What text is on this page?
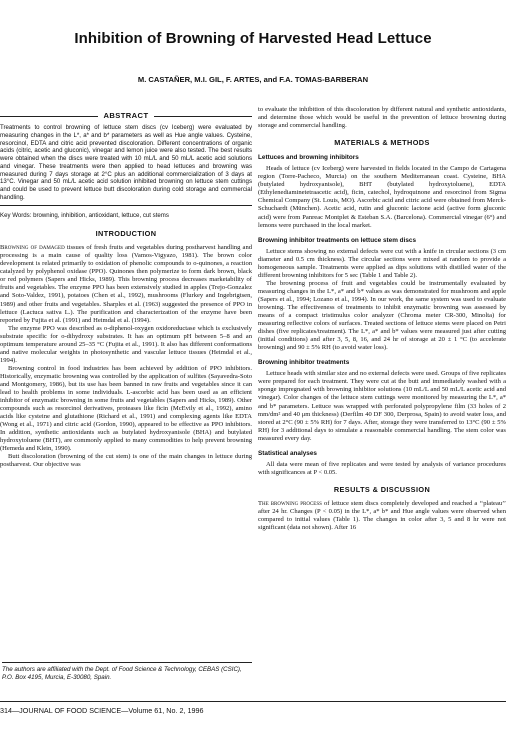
Inhibition of Browning of Harvested Head Lettuce
M. CASTAÑER, M.I. GIL, F. ARTES, and F.A. TOMAS-BARBERAN
ABSTRACT

Treatments to control browning of lettuce stem discs (cv Iceberg) were evaluated by measuring changes in the L*, a* and b* parameters as well as Hue angle values. Cysteine, resorcinol, EDTA and citric acid prevented discoloration. Different concentrations of organic acids (citric, acetic and gluconic), vinegar and lemon juice were also tested. The best results were obtained when the discs were treated with 10 mL/L and 50 mL/L acetic acid solutions and vinegar. These treatments were then applied to head lettuces and browning was measured during 7 days storage at 2°C plus an additional commercialization of 3 days at 13°C. Vinegar and 50 mL/L acetic acid solution inhibited browning on lettuce stem cuttings and could be used to prevent lettuce butt discoloration during cold storage and commercial handling.

Key Words: browning, inhibition, antioxidant, lettuce, cut stems

INTRODUCTION

Browning of damaged tissues of fresh fruits and vegetables during postharvest handling and processing is a main cause of quality loss (Vamos-Vigyazo, 1981). The brown color development is related primarily to oxidation of phenolic compounds to o-quinones, a reaction catalyzed by polyphenol oxidase (PPO). Quinones then polymerize to form dark brown, black or red polymers (Sapers and Hicks, 1989). This browning process decreases marketability of fruits and vegetables. The enzyme PPO has been extensively studied in apples (Trejo-Gonzalez and Soto-Valdez, 1991), potatoes (Chen et al., 1992), mushrooms (Flurkey and Ingebrigtsen, 1989) and other fruits and vegetables. Sharples et al. (1963) suggested the presence of PPO in lettuce (Lactuca sativa L.). The purification and characterization of the enzyme have been reported by Fujita et al. (1991) and Heimdal et al. (1994).

The enzyme PPO was described as o-diphenol-oxygen oxidoreductase which is exclusively substrate specific for o-dihydroxy substrates. It has an optimum pH between 5–8 and an optimum temperature around 25–35 °C (Fujita et al., 1991). It also has different conformations and native molecular weights in photosynthetic and vascular lettuce tissues (Heimdal et al., 1994).

Browning control in food industries has been achieved by addition of PPO inhibitors. Historically, enzymatic browning was controlled by the application of sulfites (Sayavedra-Soto and Montgomery, 1986), but its use has been banned in raw fruits and vegetables since it can lead to health problems in some individuals. L-ascorbic acid has been used as an efficient inhibitor of enzymatic browning in some fruits and vegetables (Sapers and Hicks, 1989). Other compounds such as resorcinol derivatives, proteases like ficin (McEvily et al., 1992), amino acids like cysteine and glutathione (Richard et al., 1991) and complexing agents like EDTA (Wong et al., 1971) and citric acid (Gordon, 1990), appeared to be effective as PPO inhibitors. In addition, synthetic antioxidants such as butylated hydroxyanisole (BHA) and butylated hydroxytoluene (BHT), are commonly applied to many commodities to help prevent browning (Hemeda and Klein, 1990).

Butt discoloration (browning of the cut stem) is one of the main changes in lettuce during postharvest. Our objective was

to evaluate the inhibition of this discoloration by different natural and synthetic antioxidants, and determine those which would be useful in the prevention of lettuce browning during storage and commercial handling.

MATERIALS & METHODS
Lettuces and browning inhibitors

Heads of lettuce (cv Iceberg) were harvested in fields located in the Campo de Cartagena region (Torre-Pacheco, Murcia) on the southern Mediterranean coast. Cysteine, BHA (butylated hydroxyanisole), BHT (butylated hydroxytoluene), EDTA (Ethylenediaminetetraacetic acid), ficin, catechol, hydroquinone and resorcinol from Sigma Chemical Company (St. Louis, MO). Ascorbic acid and citric acid were obtained from Merck-Schuchardt (München). Acetic acid, rutin and gluconic lactone acid (active form gluconic acid) were from Panreac Montplet & Esteban S.A. (Barcelona). Commercial vinegar (6°) and lemons were purchased in the local market.

Browning inhibitor treatments on lettuce stem discs

Lettuce stems showing no external defects were cut with a knife in circular sections (3 cm diameter and 0.5 cm thickness). The circular sections were mixed at random to provide a homogeneous sample. Treatments were applied as dips solutions with distilled water of the different browning inhibitors for 5 sec (Table 1 and Table 2).

The browning process of fruit and vegetables could be instrumentally evaluated by measuring changes in the L*, a* and b* values as was demonstrated for mushroom and apple (Sapers et al., 1994; Lozano et al., 1994). In our work, the same system was used to evaluate browning. The effectiveness of treatments to inhibit enzymatic browning was assessed by means of a compact tristimulus color analyzer (Chroma meter CR-300, Minolta) for measuring reflective colors of surfaces. Treated sections of lettuce stems were placed on Petri dishes (five replicates/treatment). The L*, a* and b* values were measured just after cutting (initial conditions) and after 3, 5, 8, 16, and 24 hr of storage at 20 ± 1 °C (to accelerate browning) and 90 ± 5% RH (to avoid water loss).

Browning inhibitor treatments

Lettuce heads with similar size and no external defects were used. Groups of five replicates were prepared for each treatment. They were cut at the butt and immediately washed with a sponge impregnated with browning inhibitor solutions (10 mL/L and 50 mL/L acetic acid and vinegar). Color changes of the lettuce stem cuttings were monitored by measuring the L*, a* and b* parameters. Lettuce was wrapped with perforated polypropylene film (33 holes of 2 mm/dm² and 40 μm thickness) (Derfilm 40 DF 300, Derprosa, Spain) to avoid water loss, and stored at 2°C (90 ± 5% RH) for 7 days. After, storage they were transferred to 13°C (90 ± 5% RH) for 3 additional days to simulate a reasonable commercial handling. The stem color was measured every day.

Statistical analyses

All data were mean of five replicates and were tested by analysis of variance procedures with significances at P < 0.05.

RESULTS & DISCUSSION

The browning process of lettuce stem discs completely developed and reached a ‘‘plateau’’ after 24 hr. Changes (P < 0.05) in the L*, a* b* and Hue angle values were observed when compared to initial values (Table 1). The changes in color after 3, 5 and 8 hr were not significant (data not shown). After 16

The authors are affiliated with the Dept. of Food Science & Technology, CEBAS (CSIC), P.O. Box 4195, Murcia, E-30080, Spain.
314—JOURNAL OF FOOD SCIENCE—Volume 61, No. 2, 1996
